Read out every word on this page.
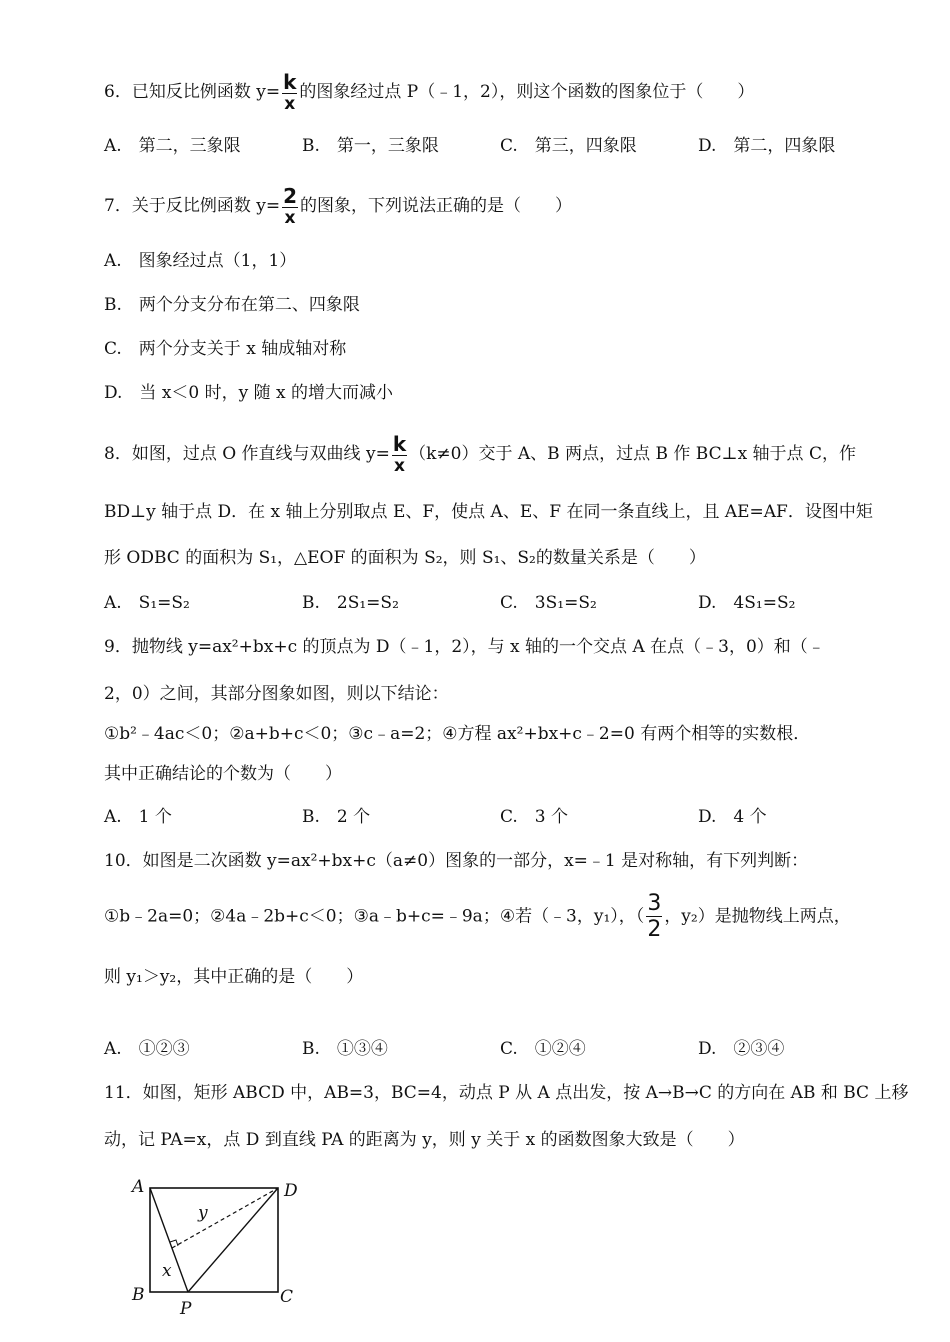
6．已知反比例函数 $y= \frac{k}{x}$ 的图象经过点 P（﹣1，2），则这个函数的图象位于（　　）
A.　第二，三象限	B.　第一，三象限	C.　第三，四象限	D.　第二，四象限
7．关于反比例函数 $y= \frac{2}{x}$ 的图象，下列说法正确的是（　　）
A.　图象经过点（1，1）
B.　两个分支分布在第二、四象限
C.　两个分支关于 x 轴成轴对称
D.　当 x＜0 时，y 随 x 的增大而减小
8．如图，过点 O 作直线与双曲线 $y= \frac{k}{x} (k\ne 0)$交于 A、B 两点，过点 B 作 BC⊥x 轴于点 C，作
BD⊥y 轴于点 D．在 x 轴上分别取点 E、F，使点 A、E、F 在同一条直线上，且 AE=AF．设图中矩
形 ODBC 的面积为 S₁，△EOF 的面积为 S₂，则 S₁、S₂的数量关系是（　　）
A.　S₁=S₂	B.　2S₁=S₂	C.　3S₁=S₂	D.　4S₁=S₂
9．抛物线 y=ax²+bx+c 的顶点为 D（﹣1，2），与 x 轴的一个交点 A 在点（﹣3，0）和（﹣
2，0）之间，其部分图象如图，则以下结论：
①b²﹣4ac＜0；②a+b+c＜0；③c﹣a=2；④方程 ax²+bx+c﹣2=0 有两个相等的实数根．
其中正确结论的个数为（　　）
A.　1 个	B.　2 个	C.　3 个	D.　4 个
10．如图是二次函数 y=ax²+bx+c（a≠0）图象的一部分，x=﹣1 是对称轴，有下列判断：
①b﹣2a=0；②4a﹣2b+c＜0；③a﹣b+c=﹣9a；④若（﹣3，y₁），（ $\frac{3}{2}$ ，y₂）是抛物线上两点，
则 y₁＞y₂，其中正确的是（　　）
A.　①②③	B.　①③④	C.　①②④	D.　②③④
11．如图，矩形 ABCD 中，AB=3，BC=4，动点 P 从 A 点出发，按 A→B→C 的方向在 AB 和 BC 上移
动，记 PA=x，点 D 到直线 PA 的距离为 y，则 y 关于 x 的函数图象大致是（　　）
A	D
B	C
P
x
y
